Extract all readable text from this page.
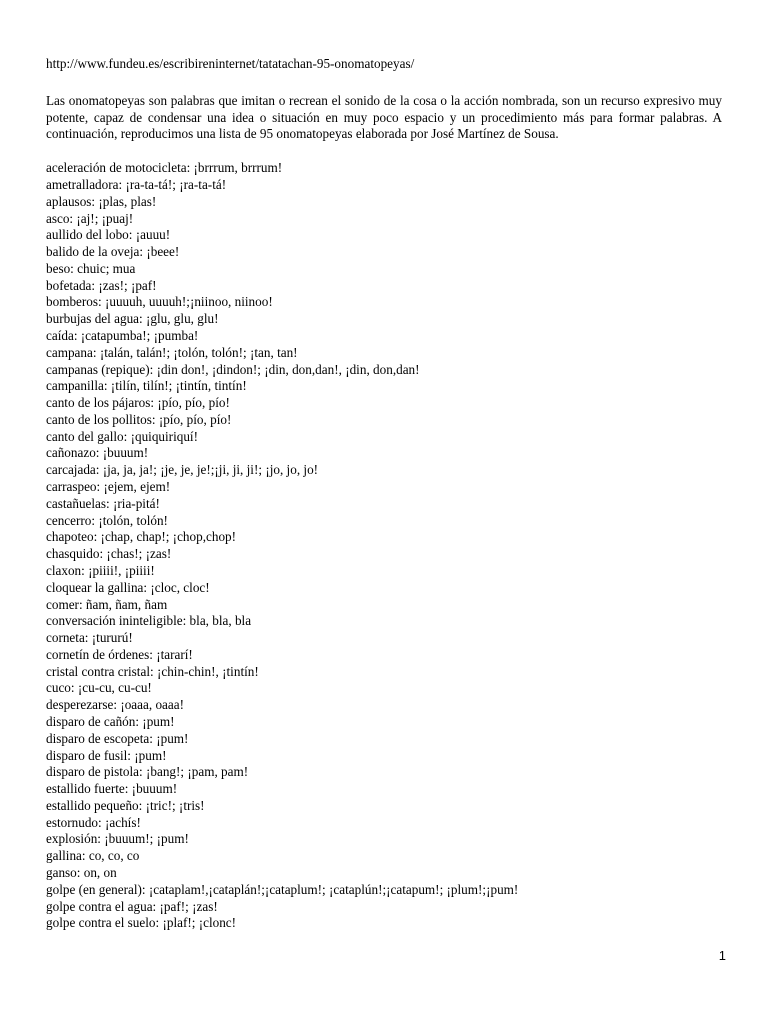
http://www.fundeu.es/escribireninternet/tatatachan-95-onomatopeyas/

Las onomatopeyas son palabras que imitan o recrean el sonido de la cosa o la acción nombrada, son un recurso expresivo muy potente, capaz de condensar una idea o situación en muy poco espacio y un procedimiento más para formar palabras. A continuación, reproducimos una lista de 95 onomatopeyas elaborada por José Martínez de Sousa.

aceleración de motocicleta: ¡brrrum, brrrum!
ametralladora: ¡ra-ta-tá!; ¡ra-ta-tá!
aplausos: ¡plas, plas!
asco: ¡aj!; ¡puaj!
aullido del lobo: ¡auuu!
balido de la oveja: ¡beee!
beso: chuic; mua
bofetada: ¡zas!; ¡paf!
bomberos: ¡uuuuh, uuuuh!;¡niinoo, niinoo!
burbujas del agua: ¡glu, glu, glu!
caída: ¡catapumba!; ¡pumba!
campana: ¡talán, talán!; ¡tolón, tolón!; ¡tan, tan!
campanas (repique): ¡din don!, ¡dindon!; ¡din, don,dan!, ¡din, don,dan!
campanilla: ¡tilín, tilín!; ¡tintín, tintín!
canto de los pájaros: ¡pío, pío, pío!
canto de los pollitos: ¡pío, pío, pío!
canto del gallo: ¡quiquiriquí!
cañonazo: ¡buuum!
carcajada: ¡ja, ja, ja!; ¡je, je, je!;¡ji, ji, ji!; ¡jo, jo, jo!
carraspeo: ¡ejem, ejem!
castañuelas: ¡ria-pitá!
cencerro: ¡tolón, tolón!
chapoteo: ¡chap, chap!; ¡chop,chop!
chasquido: ¡chas!; ¡zas!
claxon: ¡piiii!, ¡piiii!
cloquear la gallina: ¡cloc, cloc!
comer: ñam, ñam, ñam
conversación ininteligible: bla, bla, bla
corneta: ¡tururú!
cornetín de órdenes: ¡tararí!
cristal contra cristal: ¡chin-chin!, ¡tintín!
cuco: ¡cu-cu, cu-cu!
desperezarse: ¡oaaa, oaaa!
disparo de cañón: ¡pum!
disparo de escopeta: ¡pum!
disparo de fusil: ¡pum!
disparo de pistola: ¡bang!; ¡pam, pam!
estallido fuerte: ¡buuum!
estallido pequeño: ¡tric!; ¡tris!
estornudo: ¡achís!
explosión: ¡buuum!; ¡pum!
gallina: co, co, co
ganso: on, on
golpe (en general): ¡cataplam!,¡cataplán!;¡cataplum!; ¡cataplún!;¡catapum!; ¡plum!;¡pum!
golpe contra el agua: ¡paf!; ¡zas!
golpe contra el suelo: ¡plaf!; ¡clonc!
1
